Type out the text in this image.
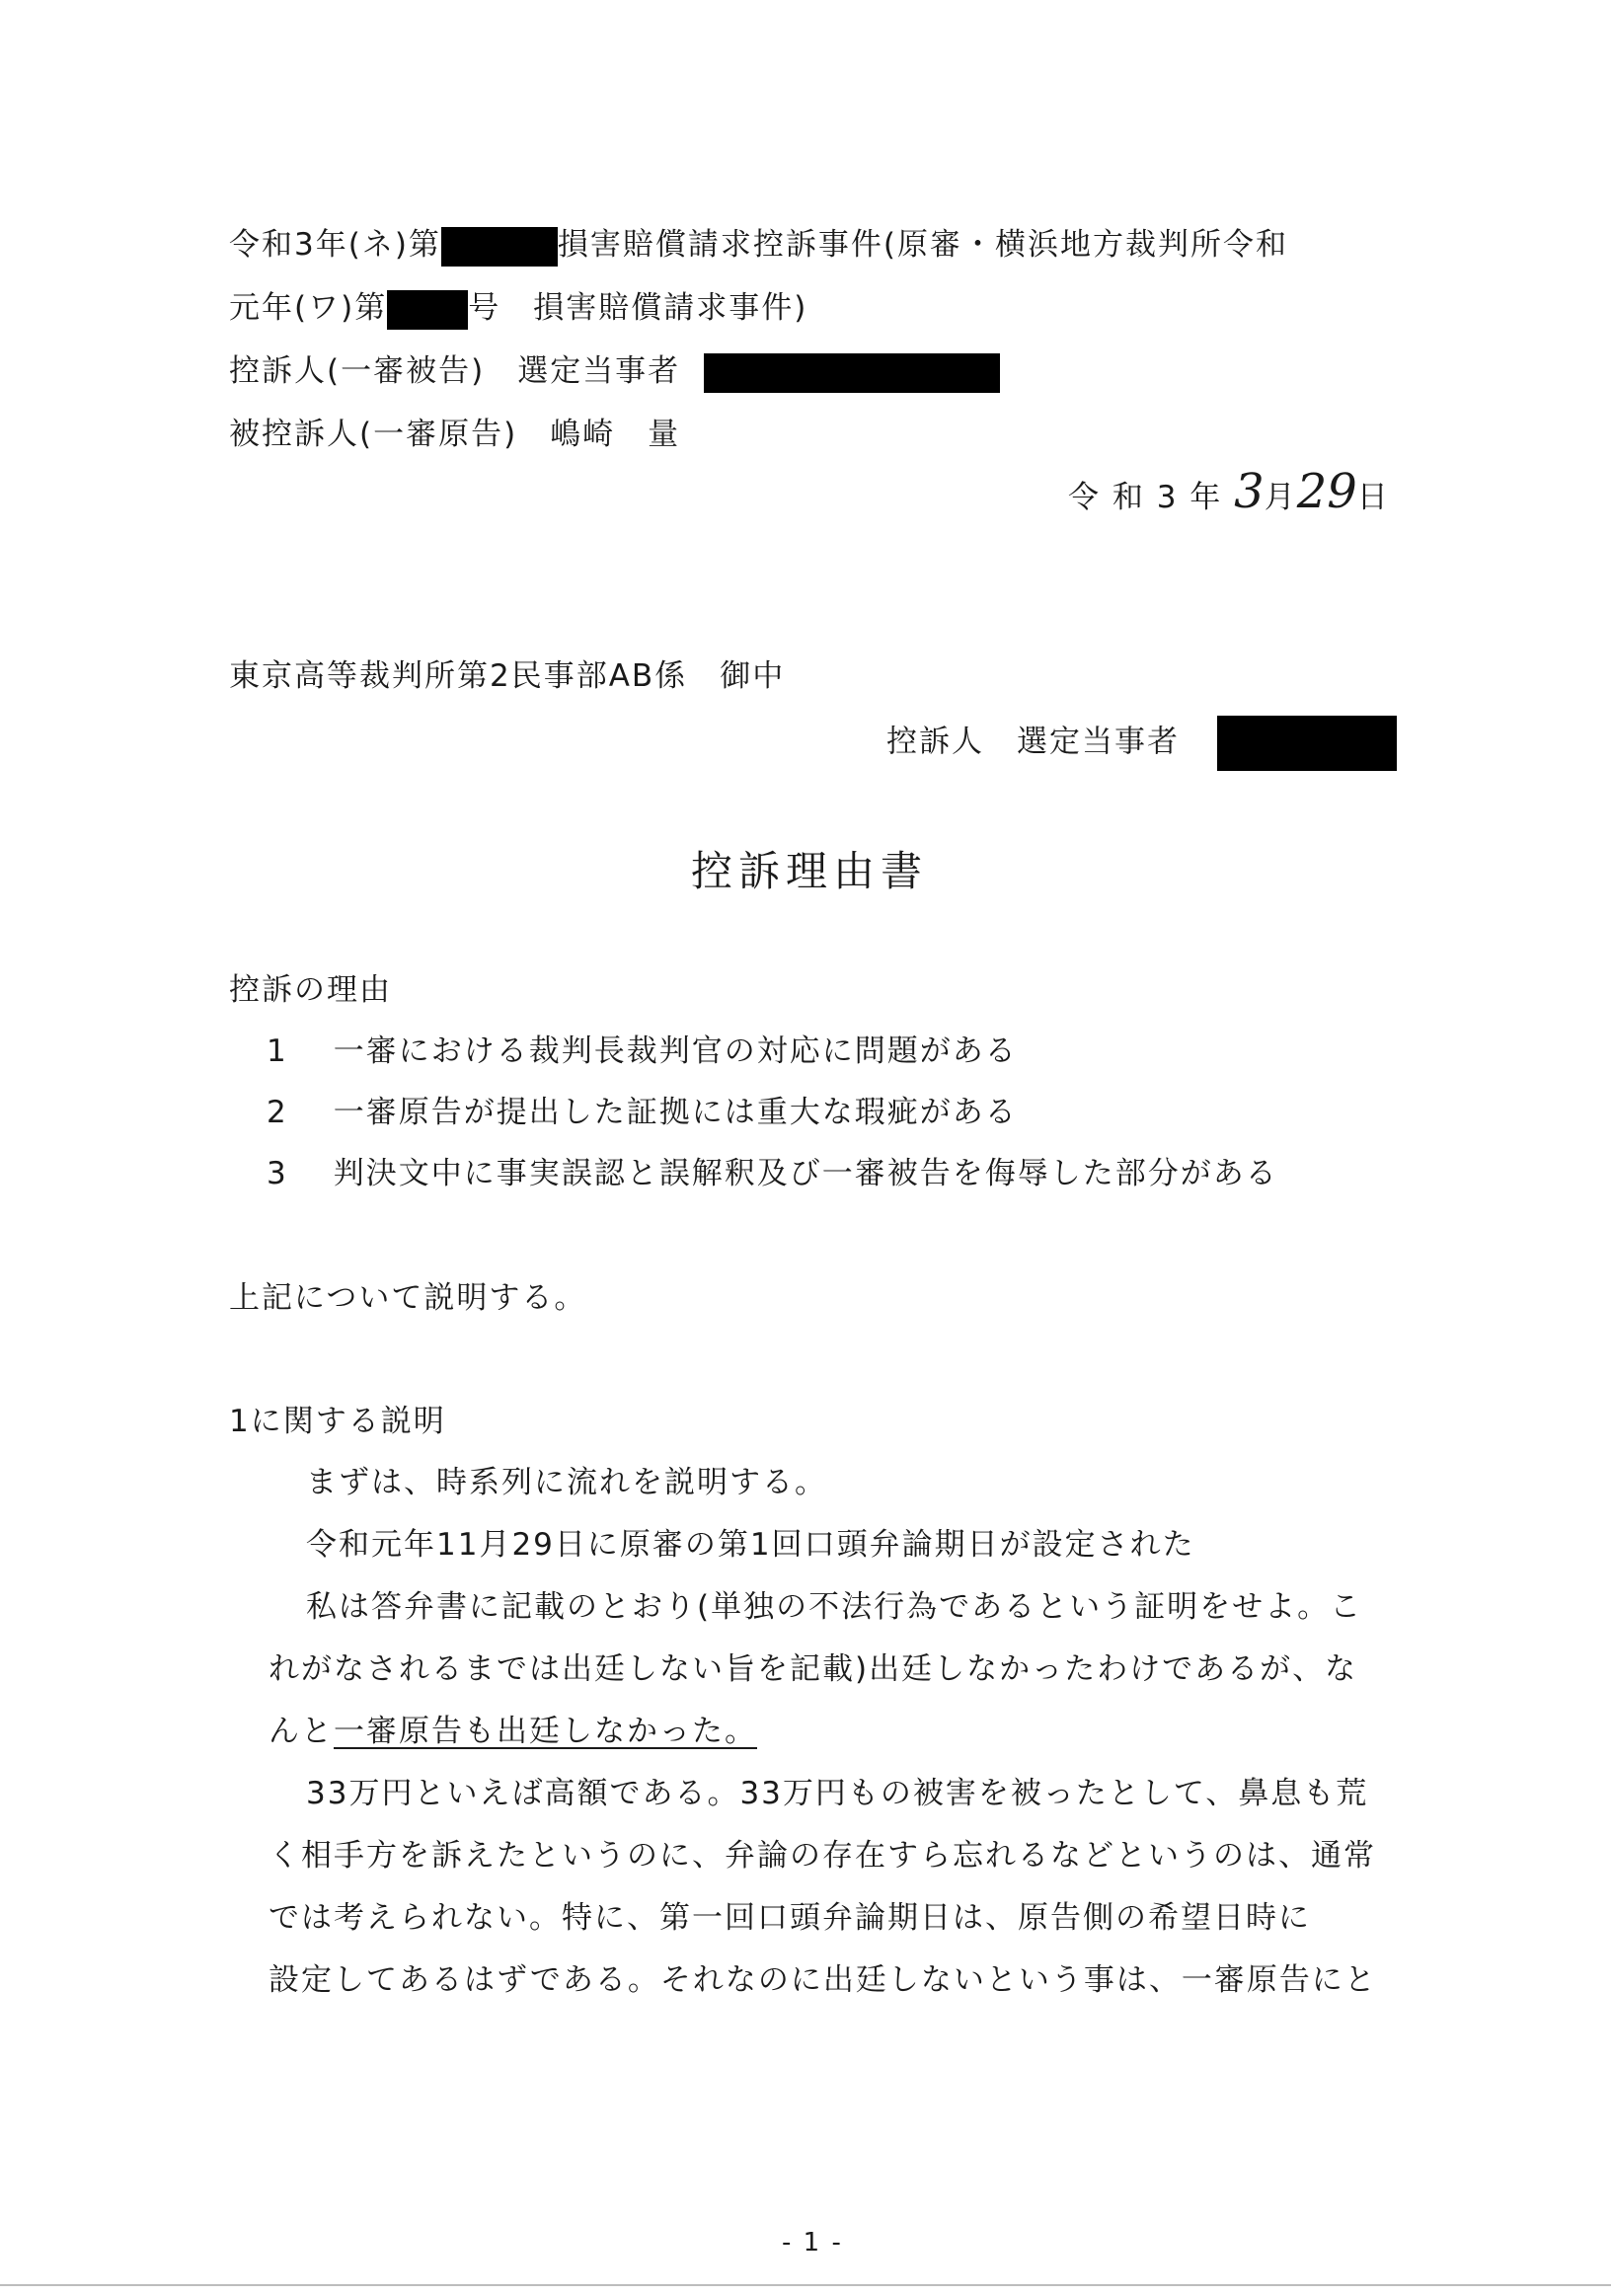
令和3年(ネ)第	損害賠償請求控訴事件(原審・横浜地方裁判所令和
元年(ワ)第	号　損害賠償請求事件)
控訴人(一審被告)　選定当事者
被控訴人(一審原告)　嶋崎　量
令 和 3 年 3月29日
東京高等裁判所第2民事部AB係　御中
控訴人　選定当事者
控訴理由書
控訴の理由
1 一審における裁判長裁判官の対応に問題がある
2 一審原告が提出した証拠には重大な瑕疵がある
3 判決文中に事実誤認と誤解釈及び一審被告を侮辱した部分がある
上記について説明する。
1に関する説明
まずは、時系列に流れを説明する。
令和元年11月29日に原審の第1回口頭弁論期日が設定された
私は答弁書に記載のとおり(単独の不法行為であるという証明をせよ。こ
れがなされるまでは出廷しない旨を記載)出廷しなかったわけであるが、な
んと一審原告も出廷しなかった。
33万円といえば高額である。33万円もの被害を被ったとして、鼻息も荒
く相手方を訴えたというのに、弁論の存在すら忘れるなどというのは、通常
では考えられない。特に、第一回口頭弁論期日は、原告側の希望日時に
設定してあるはずである。それなのに出廷しないという事は、一審原告にと
- 1 -
